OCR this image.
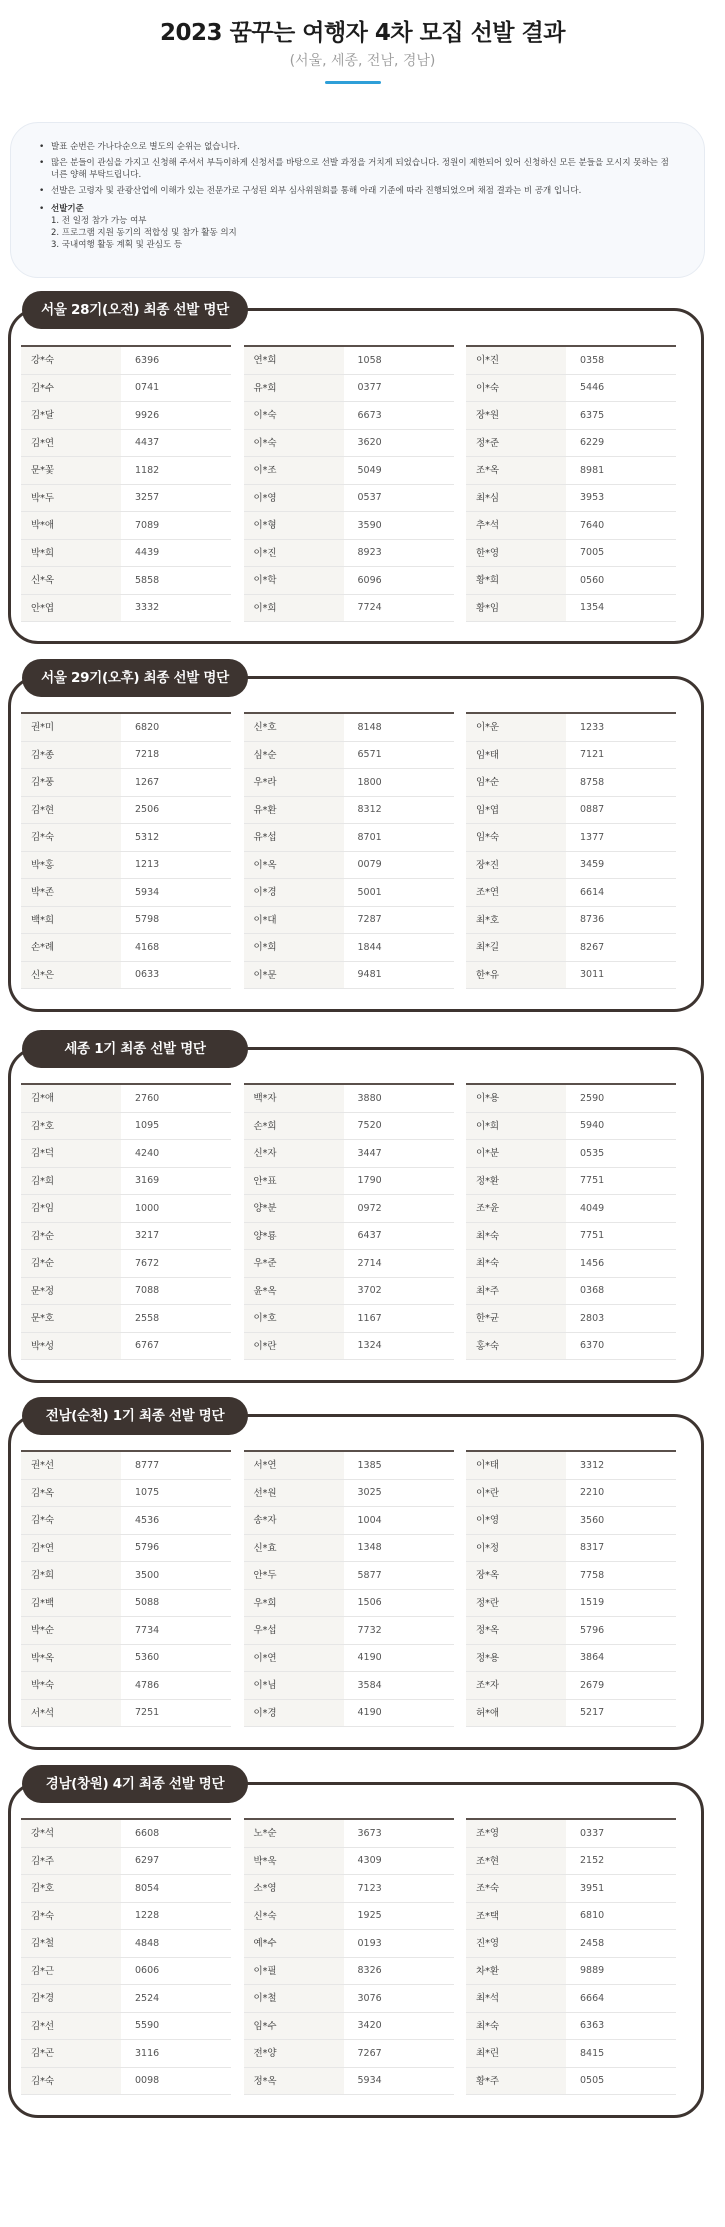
2023 꿈꾸는 여행자 4차 모집 선발 결과
(서울, 세종, 전남, 경남)
• 발표 순번은 가나다순으로 별도의 순위는 없습니다.
• 많은 분들이 관심을 가지고 신청해 주셔서 부득이하게 신청서를 바탕으로 선발 과정을 거치게 되었습니다. 정원이 제한되어 있어 신청하신 모든 분들을 모시지 못하는 점 너른 양해 부탁드립니다.
• 선발은 고령자 및 관광산업에 이해가 있는 전문가로 구성된 외부 심사위원회를 통해 아래 기준에 따라 진행되었으며 채점 결과는 비 공개 입니다.
• 선발기준
1. 전 일정 참가 가능 여부
2. 프로그램 지원 동기의 적합성 및 참가 활동 의지
3. 국내여행 활동 계획 및 관심도 등
서울 28기(오전) 최종 선발 명단
강*숙	6396
김*수	0741
김*달	9926
김*연	4437
문*꽃	1182
박*두	3257
박*애	7089
박*희	4439
신*옥	5858
안*엽	3332
연*희	1058
유*희	0377
이*숙	6673
이*숙	3620
이*조	5049
이*영	0537
이*형	3590
이*진	8923
이*학	6096
이*희	7724
이*진	0358
이*숙	5446
장*원	6375
정*준	6229
조*옥	8981
최*심	3953
추*석	7640
한*영	7005
황*희	0560
황*임	1354
서울 29기(오후) 최종 선발 명단
권*미	6820
김*종	7218
김*풍	1267
김*현	2506
김*숙	5312
박*홍	1213
박*존	5934
백*희	5798
손*례	4168
신*은	0633
신*호	8148
심*순	6571
우*라	1800
유*환	8312
유*섭	8701
이*옥	0079
이*경	5001
이*대	7287
이*희	1844
이*문	9481
이*운	1233
임*태	7121
임*순	8758
임*엽	0887
임*숙	1377
장*진	3459
조*연	6614
최*호	8736
최*길	8267
한*유	3011
세종 1기 최종 선발 명단
김*애	2760
김*호	1095
김*덕	4240
김*희	3169
김*임	1000
김*순	3217
김*순	7672
문*정	7088
문*호	2558
박*성	6767
백*자	3880
손*희	7520
신*자	3447
안*표	1790
양*분	0972
양*룡	6437
우*준	2714
윤*옥	3702
이*호	1167
이*란	1324
이*용	2590
이*희	5940
이*분	0535
정*환	7751
조*윤	4049
최*숙	7751
최*숙	1456
최*주	0368
한*균	2803
홍*숙	6370
전남(순천) 1기 최종 선발 명단
권*선	8777
김*옥	1075
김*숙	4536
김*연	5796
김*희	3500
김*백	5088
박*순	7734
박*옥	5360
박*숙	4786
서*석	7251
서*연	1385
선*원	3025
송*자	1004
신*효	1348
안*두	5877
우*희	1506
우*섭	7732
이*연	4190
이*님	3584
이*경	4190
이*태	3312
이*란	2210
이*영	3560
이*정	8317
장*옥	7758
정*란	1519
정*옥	5796
정*용	3864
조*자	2679
허*애	5217
경남(창원) 4기 최종 선발 명단
강*석	6608
김*주	6297
김*호	8054
김*숙	1228
김*철	4848
김*근	0606
김*경	2524
김*선	5590
김*곤	3116
김*숙	0098
노*순	3673
박*욱	4309
소*영	7123
신*숙	1925
예*수	0193
이*필	8326
이*철	3076
임*수	3420
전*양	7267
정*옥	5934
조*영	0337
조*현	2152
조*숙	3951
조*택	6810
진*영	2458
차*환	9889
최*석	6664
최*숙	6363
최*린	8415
황*주	0505
